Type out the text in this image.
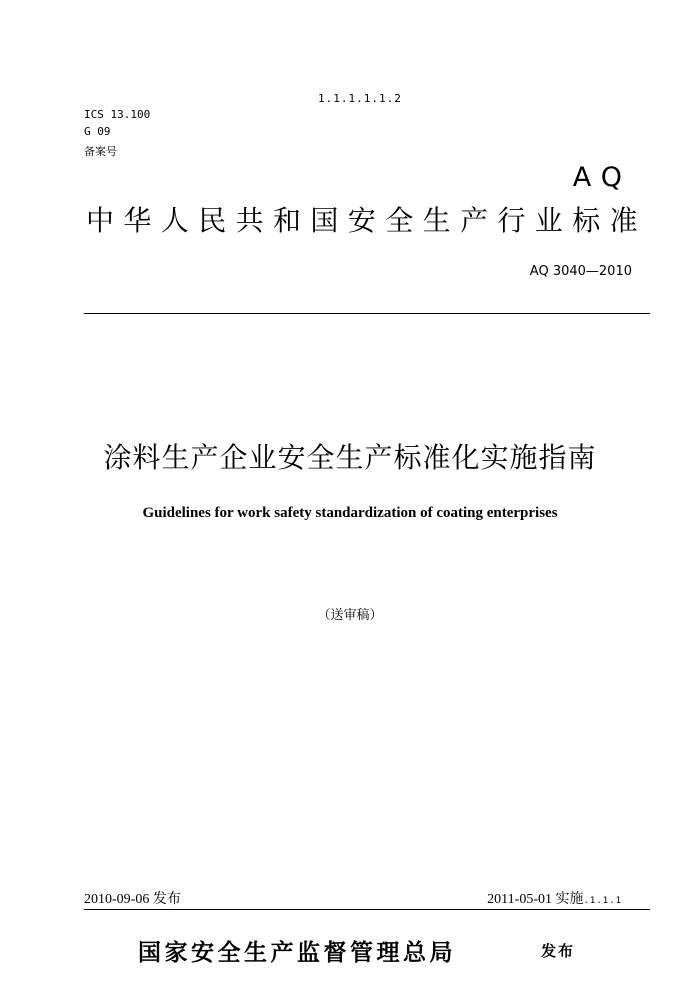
1.1.1.1.1.2
ICS 13.100
G 09
备案号
AQ
中华人民共和国安全生产行业标准
AQ 3040—2010
涂料生产企业安全生产标准化实施指南
Guidelines for work safety standardization of coating enterprises
（送审稿）
2010-09-06 发布	2011-05-01 实施.1.1.1
国家安全生产监督管理总局	发布
